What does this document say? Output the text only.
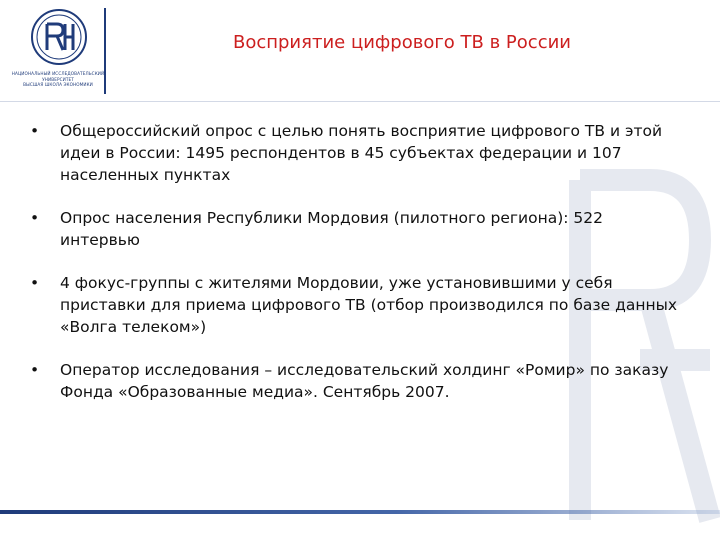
НАЦИОНАЛЬНЫЙ ИССЛЕДОВАТЕЛЬСКИЙ УНИВЕРСИТЕТ
ВЫСШАЯ ШКОЛА ЭКОНОМИКИ
Восприятие цифрового ТВ в России
• Общероссийский опрос с целью понять восприятие цифрового ТВ и этой идеи в России: 1495 респондентов в 45 субъектах федерации и 107 населенных пунктах
• Опрос населения Республики Мордовия (пилотного региона): 522 интервью
• 4 фокус-группы с жителями Мордовии, уже установившими у себя приставки для приема цифрового ТВ (отбор производился по базе данных «Волга телеком»)
• Оператор исследования – исследовательский холдинг «Ромир» по заказу Фонда «Образованные медиа». Сентябрь 2007.
